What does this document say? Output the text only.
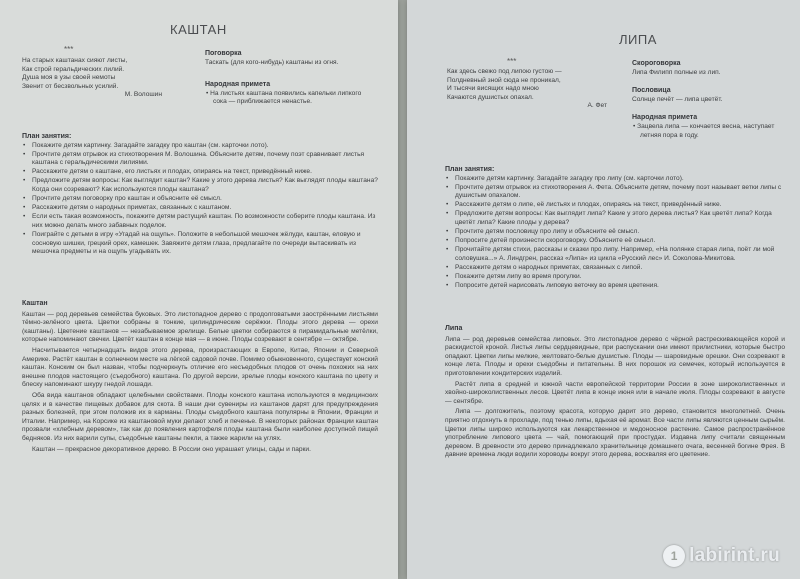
КАШТАН
***
На старых каштанах сияют листы,
Как строй геральдических лилий.
Душа моя в узы своей немоты
Звенит от бесзвольных усилий.
М. Волошин
Поговорка
Таскать (для кого-нибудь) каштаны из огня.
Народная примета
• На листьях каштана появились капельки липкого сока — приближается ненастье.
План занятия:
• Покажите детям картинку. Загадайте загадку про каштан (см. карточки лото).
• Прочтите детям отрывок из стихотворения М. Волошина. Объясните детям, почему поэт сравнивает листья каштана с геральдическими лилиями.
• Расскажите детям о каштане, его листьях и плодах, опираясь на текст, приведённый ниже.
• Предложите детям вопросы: Как выглядит каштан? Какие у этого дерева листья? Как выглядят плоды каштана? Когда они созревают? Как используются плоды каштана?
• Прочтите детям поговорку про каштан и объясните её смысл.
• Расскажите детям о народных приметах, связанных с каштаном.
• Если есть такая возможность, покажите детям растущий каштан. По возможности соберите плоды каштана. Из них можно делать много забавных поделок.
• Поиграйте с детьми в игру «Угадай на ощупь». Положите в небольшой мешочек жёлуди, каштан, еловую и сосновую шишки, грецкий орех, камешек. Завяжите детям глаза, предлагайте по очереди вытаскивать из мешочка предметы и на ощупь угадывать их.
Каштан

Каштан — род деревьев семейства буковых. Это листопадное дерево с продолговатыми заострёнными листьями тёмно-зелёного цвета. Цветки собраны в тонкие, цилиндрические серёжки. Плоды этого дерева — орехи (каштаны). Цветение каштанов — незабываемое зрелище. Белые цветки собираются в пирамидальные метёлки, которые напоминают свечки. Цветёт каштан в конце мая — в июне. Плоды созревают в сентябре — октябре.

Насчитывается четырнадцать видов этого дерева, произрастающих в Европе, Китае, Японии и Северной Америке. Растёт каштан в солнечном месте на лёгкой садовой почве. Помимо обыкновенного, существует конский каштан. Конским он был назван, чтобы подчеркнуть отличие его несъедобных плодов от очень похожих на них внешне плодов настоящего (съедобного) каштана. По другой версии, зрелые плоды конского каштана по цвету и блеску напоминают шкуру гнедой лошади.

Оба вида каштанов обладают целебными свойствами. Плоды конского каштана используются в медицинских целях и в качестве пищевых добавок для скота. В наши дни сувениры из каштанов дарят для предупреждения разных болезней, при этом положив их в карманы. Плоды съедобного каштана популярны в Японии, Франции и Италии. Например, на Корсике из каштановой муки делают хлеб и печенье. В некоторых районах Франции каштан прозвали «хлебным деревом», так как до появления картофеля плоды каштана были наиболее доступной пищей бедняков. Из них варили супы, съедобные каштаны пекли, а также жарили на углях.

Каштан — прекрасное декоративное дерево. В России оно украшает улицы, сады и парки.

ЛИПА
***
Как здесь свежо под липою густою —
Полдневный зной сюда не проникал,
И тысячи висящих надо мною
Качаются душистых опахал.
А. Фет
Скороговорка
Липа Филипп полные из лип.
Пословица
Солнце печёт — липа цветёт.
Народная примета
• Зацвела липа — кончается весна, наступает летняя пора в году.
План занятия:
• Покажите детям картинку. Загадайте загадку про липу (см. карточки лото).
• Прочтите детям отрывок из стихотворения А. Фета. Объясните детям, почему поэт называет ветки липы с душистым опахалом.
• Расскажите детям о липе, её листьях и плодах, опираясь на текст, приведённый ниже.
• Предложите детям вопросы: Как выглядит липа? Какие у этого дерева листья? Как цветёт липа? Когда цветёт липа? Какие плоды у дерева?
• Прочтите детям пословицу про липу и объясните её смысл.
• Попросите детей произнести скороговорку. Объясните её смысл.
• Прочитайте детям стихи, рассказы и сказки про липу. Например, «На полянке старая липа, поёт ли мой соловушка...» А. Линдгрен, рассказ «Липа» из цикла «Русский лес» И. Соколова-Микитова.
• Расскажите детям о народных приметах, связанных с липой.
• Покажите детям липу во время прогулки.
• Попросите детей нарисовать липовую веточку во время цветения.
Липа

Липа — род деревьев семейства липовых. Это листопадное дерево с чёрной растрескивающейся корой и раскидистой кроной. Листья липы сердцевидные, при распускании они имеют прилистники, которые быстро опадают. Цветки липы мелкие, желтовато-белые душистые. Плоды — шаровидные орешки. Они созревают в конце лета. Плоды и орехи съедобны и питательны. В них порошок из семечек, который используется в приготовлении кондитерских изделий.

Растёт липа в средней и южной части европейской территории России в зоне широколиственных и хвойно-широколиственных лесов. Цветёт липа в конце июня или в начале июля. Плоды созревают в августе — сентябре.

Липа — долгожитель, поэтому красота, которую дарит это дерево, становится многолетней. Очень приятно отдохнуть в прохладе, под тенью липы, вдыхая её аромат. Все части липы являются ценным сырьём. Цветки липы широко используются как лекарственное и медоносное растение. Самое распространённое употребление липового цвета — чай, помогающий при простудах. Издавна липу считали священным деревом. В древности это дерево принадлежало хранительнице домашнего очага, весенней богине Фрея. В давние времена люди водили хороводы вокруг этого дерева, восхваляя его цветение.

1 labirint.ru
